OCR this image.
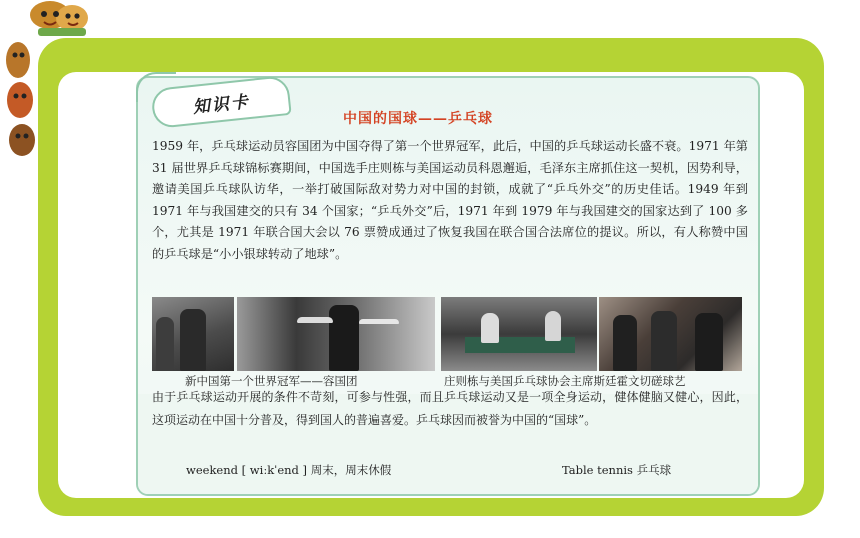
知识卡
中国的国球——乒乓球
1959 年，乒乓球运动员容国团为中国夺得了第一个世界冠军，此后，中国的乒乓球运动长盛不衰。1971 年第 31 届世界乒乓球锦标赛期间，中国选手庄则栋与美国运动员科恩邂逅，毛泽东主席抓住这一契机，因势利导，邀请美国乒乓球队访华，一举打破国际敌对势力对中国的封锁，成就了“乒乓外交”的历史佳话。1949 年到 1971 年与我国建交的只有 34 个国家；“乒乓外交”后，1971 年到 1979 年与我国建交的国家达到了 100 多个，尤其是 1971 年联合国大会以 76 票赞成通过了恢复我国在联合国合法席位的提议。所以，有人称赞中国的乒乓球是“小小银球转动了地球”。
新中国第一个世界冠军——容国团	庄则栋与美国乒乓球协会主席斯廷霍文切磋球艺
由于乒乓球运动开展的条件不苛刻，可参与性强，而且乒乓球运动又是一项全身运动，健体健脑又健心，因此，这项运动在中国十分普及，得到国人的普遍喜爱。乒乓球因而被誉为中国的“国球”。
weekend [ wiːkˈend ] 周末，周末休假	Table tennis 乒乓球
